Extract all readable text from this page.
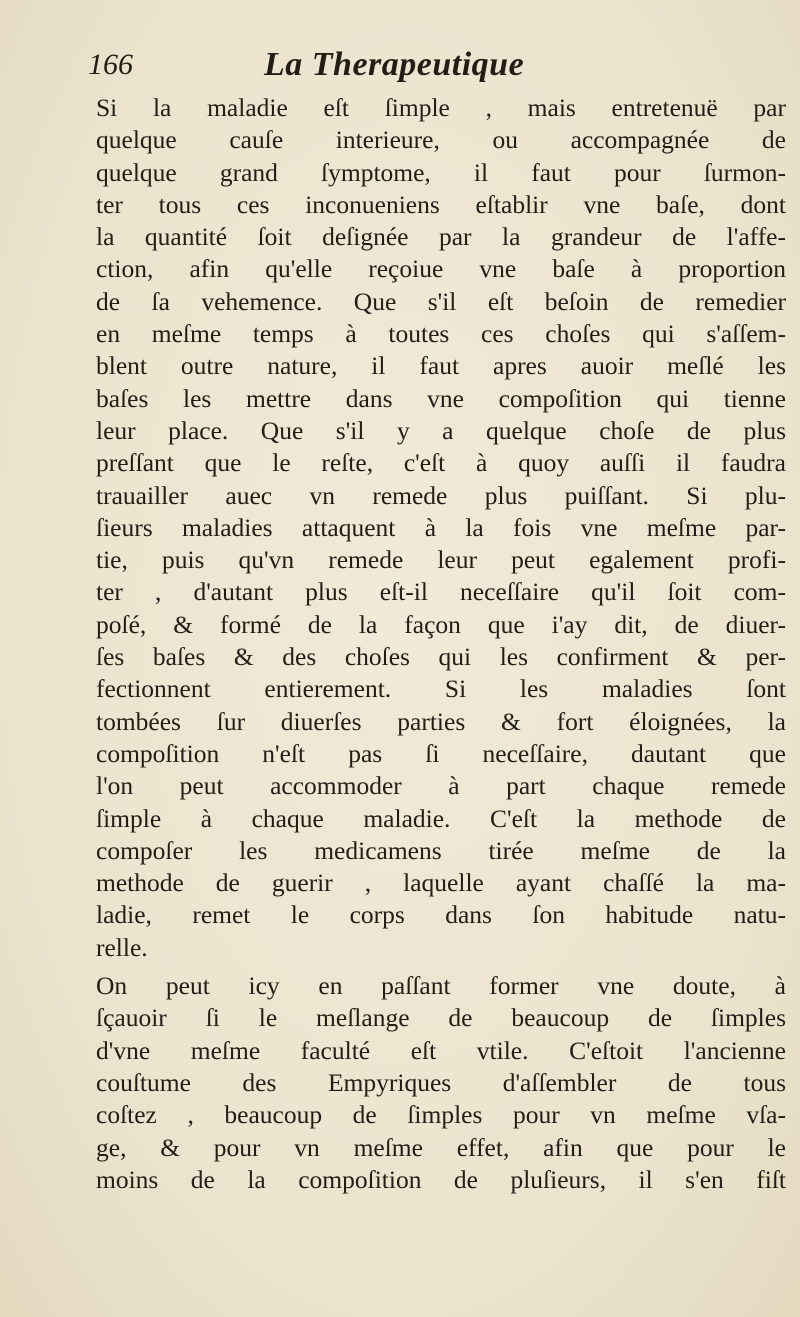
166	La Therapeutique
Si la maladie eſt ſimple , mais entretenuë par
quelque cauſe interieure, ou accompagnée de
quelque grand ſymptome, il faut pour ſurmon-
ter tous ces inconueniens eſtablir vne baſe, dont
la quantité ſoit deſignée par la grandeur de l'affe-
ction, afin qu'elle reçoiue vne baſe à proportion
de ſa vehemence. Que s'il eſt beſoin de remedier
en meſme temps à toutes ces choſes qui s'aſſem-
blent outre nature, il faut apres auoir meſlé les
baſes les mettre dans vne compoſition qui tienne
leur place. Que s'il y a quelque choſe de plus
preſſant que le reſte, c'eſt à quoy auſſi il faudra
trauailler auec vn remede plus puiſſant. Si plu-
ſieurs maladies attaquent à la fois vne meſme par-
tie, puis qu'vn remede leur peut egalement profi-
ter , d'autant plus eſt-il neceſſaire qu'il ſoit com-
poſé, & formé de la façon que i'ay dit, de diuer-
ſes baſes & des choſes qui les confirment & per-
fectionnent entierement. Si les maladies ſont
tombées ſur diuerſes parties & fort éloignées, la
compoſition n'eſt pas ſi neceſſaire, dautant que
l'on peut accommoder à part chaque remede
ſimple à chaque maladie. C'eſt la methode de
compoſer les medicamens tirée meſme de la
methode de guerir , laquelle ayant chaſſé la ma-
ladie, remet le corps dans ſon habitude natu-
relle.
On peut icy en paſſant former vne doute, à
ſçauoir ſi le meſlange de beaucoup de ſimples
d'vne meſme faculté eſt vtile. C'eſtoit l'ancienne
couſtume des Empyriques d'aſſembler de tous
coſtez , beaucoup de ſimples pour vn meſme vſa-
ge, & pour vn meſme effet, afin que pour le
moins de la compoſition de pluſieurs, il s'en fiſt
